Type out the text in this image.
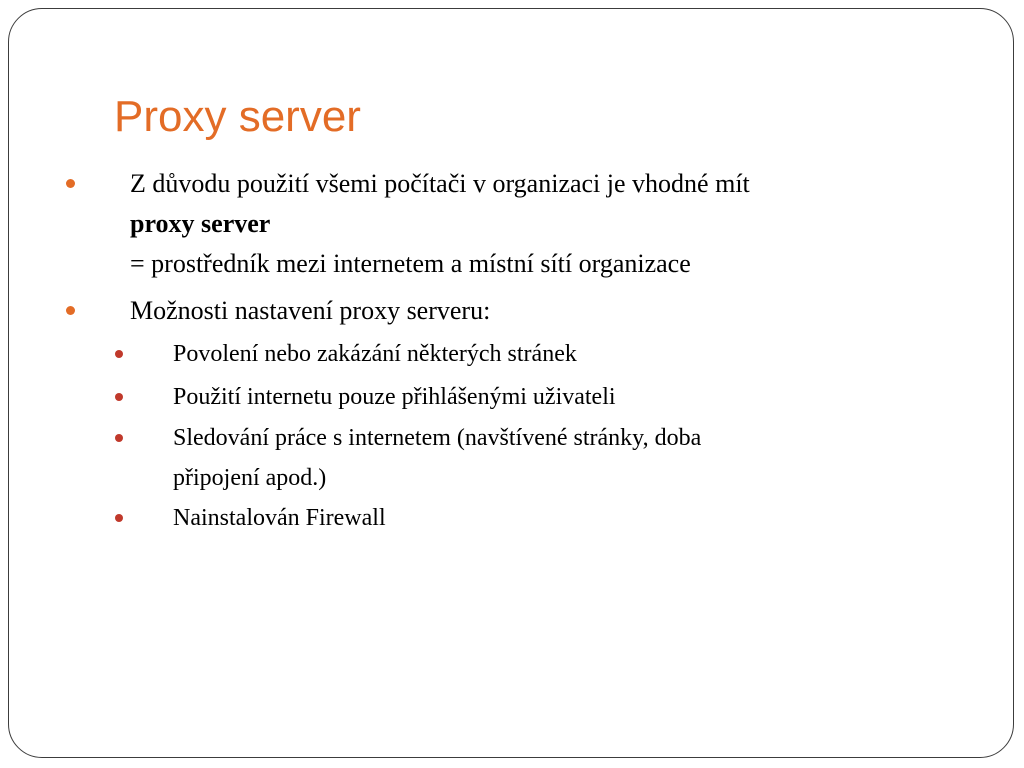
Proxy server
Z důvodu použití všemi počítači v organizaci je vhodné mít
proxy server
= prostředník mezi internetem a místní sítí organizace
Možnosti nastavení proxy serveru:
Povolení nebo zakázání některých stránek
Použití internetu pouze přihlášenými uživateli
Sledování práce s internetem (navštívené stránky, doba
připojení apod.)
Nainstalován Firewall
